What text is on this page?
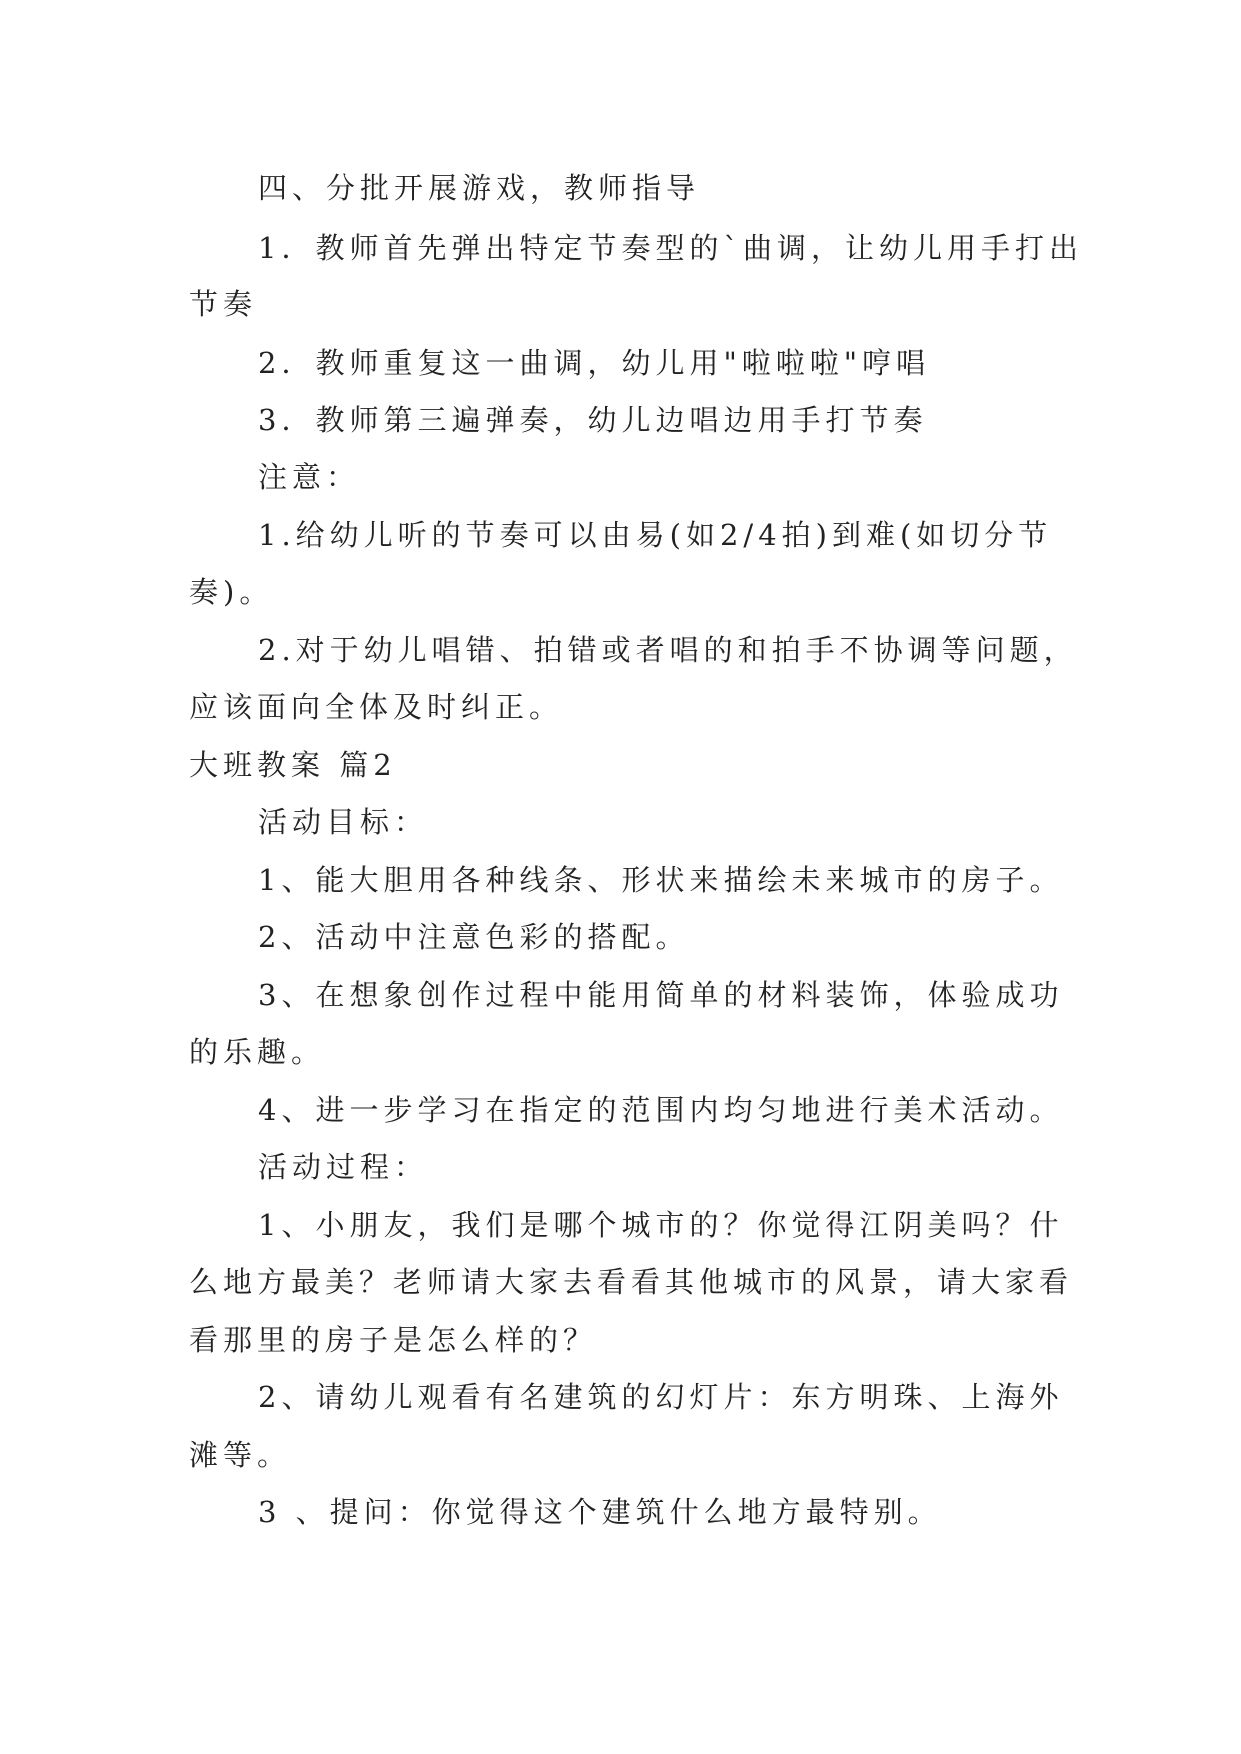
四、分批开展游戏，教师指导

1．教师首先弹出特定节奏型的`曲调，让幼儿用手打出

节奏

2．教师重复这一曲调，幼儿用"啦啦啦"哼唱

3．教师第三遍弹奏，幼儿边唱边用手打节奏

注意：

1.给幼儿听的节奏可以由易(如2/4拍)到难(如切分节

奏)。

2.对于幼儿唱错、拍错或者唱的和拍手不协调等问题，

应该面向全体及时纠正。

大班教案 篇2

活动目标：

1、能大胆用各种线条、形状来描绘未来城市的房子。

2、活动中注意色彩的搭配。

3、在想象创作过程中能用简单的材料装饰，体验成功

的乐趣。

4、进一步学习在指定的范围内均匀地进行美术活动。

活动过程：

1、小朋友，我们是哪个城市的？你觉得江阴美吗？什

么地方最美？老师请大家去看看其他城市的风景，请大家看

看那里的房子是怎么样的？

2、请幼儿观看有名建筑的幻灯片：东方明珠、上海外

滩等。

3 、提问：你觉得这个建筑什么地方最特别。
